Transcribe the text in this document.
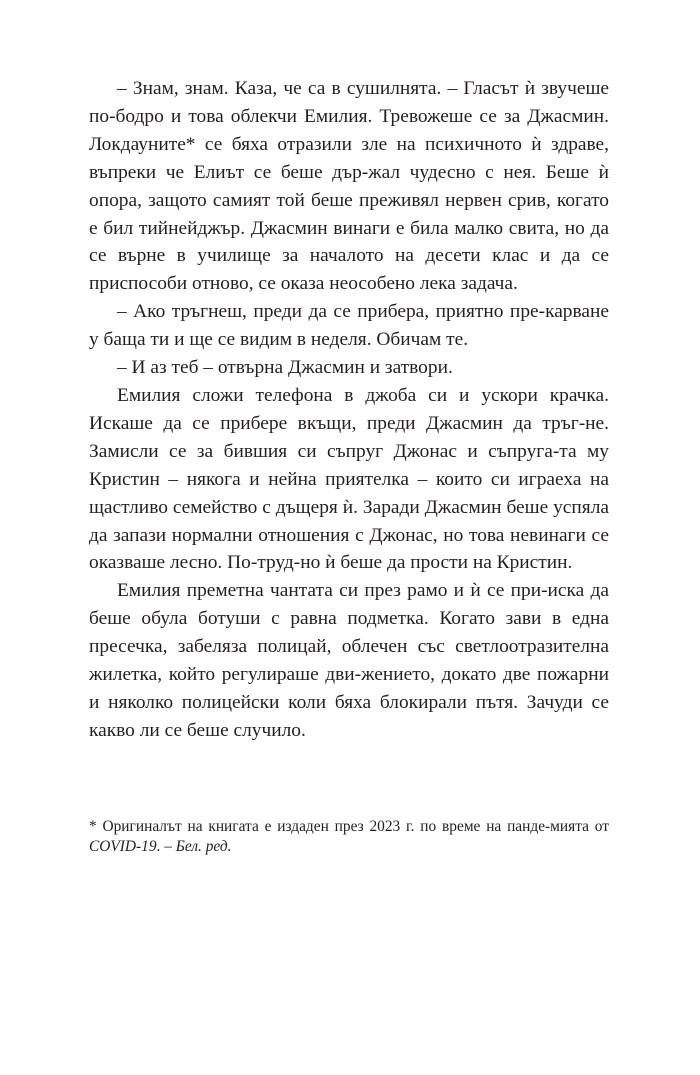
– Знам, знам. Каза, че са в сушилнята. – Гласът ѝ звучеше по-бодро и това облекчи Емилия. Тревожеше се за Джасмин. Локдауните* се бяха отразили зле на психичното ѝ здраве, въпреки че Елиът се беше дър-жал чудесно с нея. Беше ѝ опора, защото самият той беше преживял нервен срив, когато е бил тийнейджър. Джасмин винаги е била малко свита, но да се върне в училище за началото на десети клас и да се приспособи отново, се оказа неособено лека задача.

– Ако тръгнеш, преди да се прибера, приятно пре-карване у баща ти и ще се видим в неделя. Обичам те.

– И аз теб – отвърна Джасмин и затвори.

Емилия сложи телефона в джоба си и ускори крачка. Искаше да се прибере вкъщи, преди Джасмин да тръг-не. Замисли се за бившия си съпруг Джонас и съпруга-та му Кристин – някога и нейна приятелка – които си играеха на щастливо семейство с дъщеря ѝ. Заради Джасмин беше успяла да запази нормални отношения с Джонас, но това невинаги се оказваше лесно. По-труд-но ѝ беше да прости на Кристин.

Емилия преметна чантата си през рамо и ѝ се при-иска да беше обула ботуши с равна подметка. Когато зави в една пресечка, забеляза полицай, облечен със светлоотразителна жилетка, който регулираше дви-жението, докато две пожарни и няколко полицейски коли бяха блокирали пътя. Зачуди се какво ли се беше случило.

* Оригиналът на книгата е издаден през 2023 г. по време на панде-мията от COVID-19. – Бел. ред.
